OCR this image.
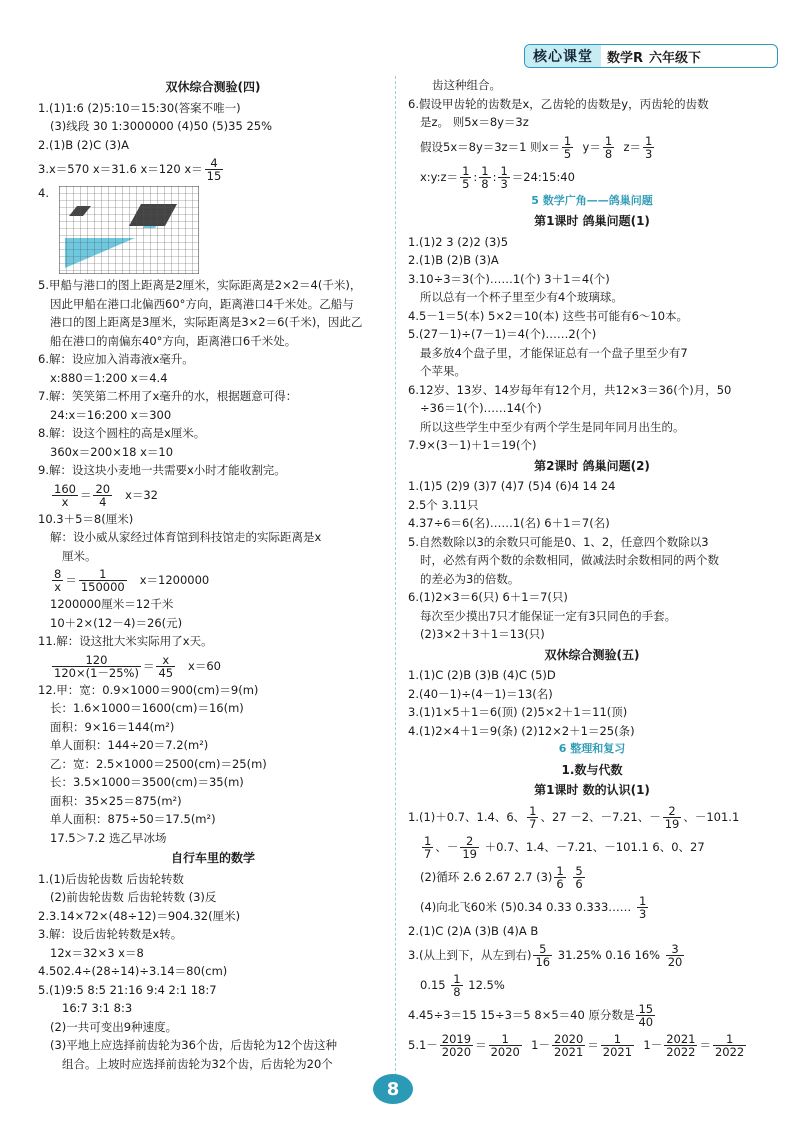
核心课堂	数学R 六年级下
双休综合测验(四)
1.(1)1:6 (2)5:10＝15:30(答案不唯一)
(3)线段 30 1:3000000 (4)50 (5)35 25%
2.(1)B (2)C (3)A
3.x＝570 x＝31.6 x＝120 $x= \frac{4}{15}$
4.
5.甲船与港口的图上距离是2厘米，实际距离是2×2＝4(千米)，
因此甲船在港口北偏西60°方向，距离港口4千米处。乙船与
港口的图上距离是3厘米，实际距离是3×2＝6(千米)，因此乙
船在港口的南偏东40°方向，距离港口6千米处。
6.解：设应加入消毒液x毫升。
x:880＝1:200 x＝4.4
7.解：笑笑第二杯用了x毫升的水，根据题意可得：
24:x＝16:200 x＝300
8.解：设这个圆柱的高是x厘米。
360x＝200×18 x＝10
9.解：设这块小麦地一共需要x小时才能收割完。
$\frac{160}{x} = \frac{20}{4} x=32$
10.3＋5＝8(厘米)
解：设小威从家经过体育馆到科技馆走的实际距离是x
厘米。
$\frac{8}{x} = \frac{1}{150000} x=1200000$
1200000厘米＝12千米
10＋2×(12－4)＝26(元)
11.解：设这批大米实际用了x天。
$\frac{120}{120\times(1-25\%)} = \frac{x}{45} x=60$
12.甲：宽：0.9×1000＝900(cm)＝9(m)
长：1.6×1000＝1600(cm)＝16(m)
面积：9×16＝144(m²)
单人面积：144÷20＝7.2(m²)
乙：宽：2.5×1000＝2500(cm)＝25(m)
长：3.5×1000＝3500(cm)＝35(m)
面积：35×25＝875(m²)
单人面积：875÷50＝17.5(m²)
17.5＞7.2 选乙早冰场
自行车里的数学
1.(1)后齿轮齿数 后齿轮转数
(2)前齿轮齿数 后齿轮转数 (3)反
2.3.14×72×(48÷12)＝904.32(厘米)
3.解：设后齿轮转数是x转。
12x＝32×3 x＝8
4.502.4÷(28÷14)÷3.14＝80(cm)
5.(1)9:5 8:5 21:16 9:4 2:1 18:7
16:7 3:1 8:3
(2)一共可变出9种速度。
(3)平地上应选择前齿轮为36个齿，后齿轮为12个齿这种
组合。上坡时应选择前齿轮为32个齿，后齿轮为20个
齿这种组合。
6.假设甲齿轮的齿数是x，乙齿轮的齿数是y，丙齿轮的齿数
是z。 则5x＝8y＝3z
假设5x＝8y＝3z＝1 则$x= \frac{1}{5} y= \frac{1}{8} z= \frac{1}{3}$
x:y:z＝ $\frac{1}{5}$ : $\frac{1}{8}$ : $\frac{1}{3}$ ＝24:15:40
5 数学广角——鸽巢问题
第1课时 鸽巢问题(1)
1.(1)2 3 (2)2 (3)5
2.(1)B (2)B (3)A
3.10÷3＝3(个)……1(个) 3＋1＝4(个)
所以总有一个杯子里至少有4个玻璃球。
4.5－1＝5(本) 5×2＝10(本) 这些书可能有6～10本。
5.(27－1)÷(7－1)＝4(个)……2(个)
最多放4个盘子里，才能保证总有一个盘子里至少有7
个苹果。
6.12岁、13岁、14岁每年有12个月，共12×3＝36(个)月，50
÷36＝1(个)……14(个)
所以这些学生中至少有两个学生是同年同月出生的。
7.9×(3－1)＋1＝19(个)
第2课时 鸽巢问题(2)
1.(1)5 (2)9 (3)7 (4)7 (5)4 (6)4 14 24
2.5个 3.11只
4.37÷6＝6(名)……1(名) 6＋1＝7(名)
5.自然数除以3的余数只可能是0、1、2，任意四个数除以3
时，必然有两个数的余数相同，做减法时余数相同的两个数
的差必为3的倍数。
6.(1)2×3＝6(只) 6＋1＝7(只)
每次至少摸出7只才能保证一定有3只同色的手套。
(2)3×2＋3＋1＝13(只)
双休综合测验(五)
1.(1)C (2)B (3)B (4)C (5)D
2.(40－1)÷(4－1)＝13(名)
3.(1)1×5＋1＝6(顶) (2)5×2＋1＝11(顶)
4.(1)2×4＋1＝9(条) (2)12×2＋1＝25(条)
6 整理和复习
1.数与代数
第1课时 数的认识(1)
1.(1)＋0.7、1.4、6、 $\frac{1}{7}$ 、27 －2、－7.21、－ $\frac{2}{19}$ 、－101.1
$\frac{1}{7}$ 、－ $\frac{2}{19} +0.7$、1.4、－7.21、－101.1 6、0、27
(2)循环 2.6̇ 2.67 2.7 $(3) \frac{1}{6}$
$\frac{5}{6}$
(4)向北飞60米 (5)0.34 0.33 0.333…… $\frac{1}{3}$
2.(1)C (2)A (3)B (4)A B
3.(从上到下，从左到右) $\frac{5}{16} 31.25\%$ 0.16 $16\% \frac{3}{20}$
$0.15 \frac{1}{8} 12.5\%$
4.45÷3＝15 15÷3＝5 8×5＝40 原分数是 $\frac{15}{40}$
$5.1- \frac{2019}{2020} = \frac{1}{2020} 1- \frac{2020}{2021} = \frac{1}{2021} 1- \frac{2021}{2022} = \frac{1}{2022}$
8
